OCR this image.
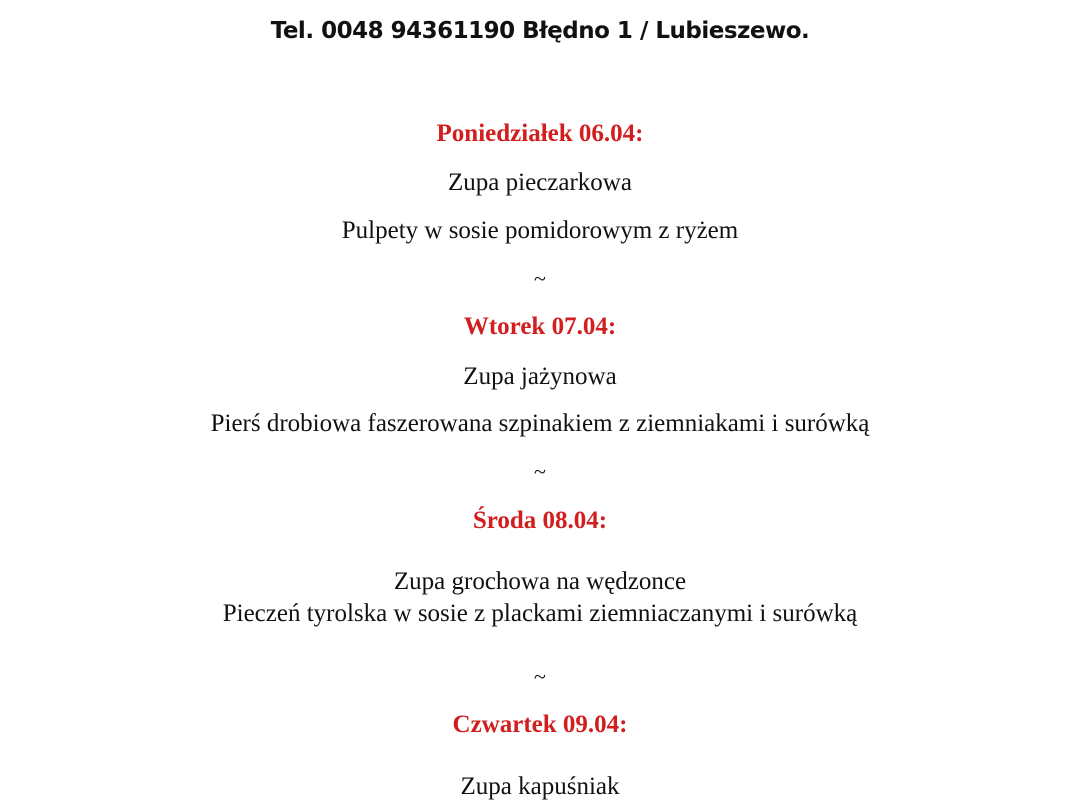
Tel. 0048 94361190 Błędno 1 / Lubieszewo.
Poniedziałek 06.04:
Zupa pieczarkowa
Pulpety w sosie pomidorowym z ryżem
~
Wtorek 07.04:
Zupa jażynowa
Pierś drobiowa faszerowana szpinakiem z ziemniakami i surówką
~
Środa 08.04:
Zupa grochowa na wędzonce
Pieczeń tyrolska w sosie z plackami ziemniaczanymi i surówką
~
Czwartek 09.04:
Zupa kapuśniak
